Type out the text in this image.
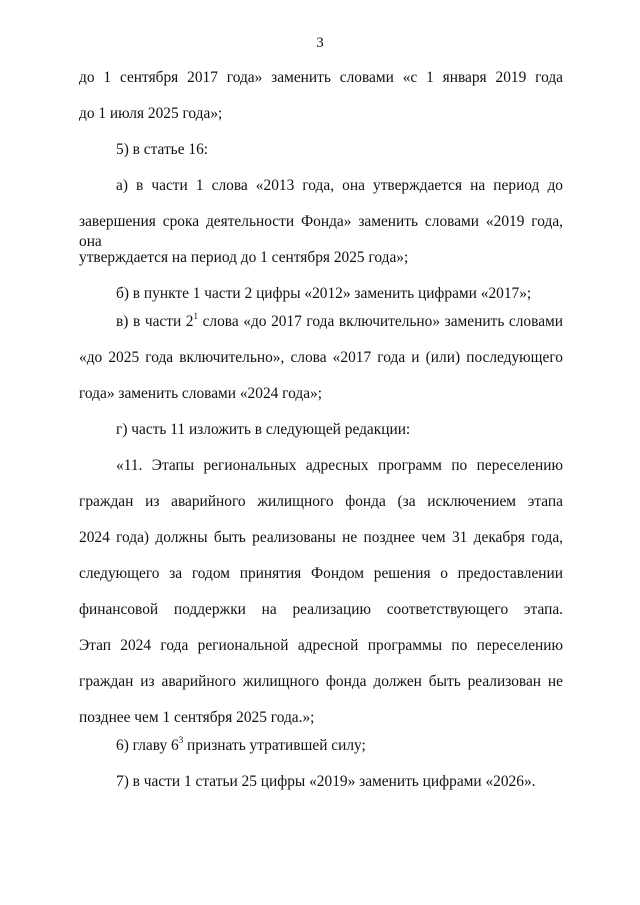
3
до 1 сентября 2017 года» заменить словами «с 1 января 2019 года
до 1 июля 2025 года»;
5) в статье 16:
а) в части 1 слова «2013 года, она утверждается на период до
завершения срока деятельности Фонда» заменить словами «2019 года, она
утверждается на период до 1 сентября 2025 года»;
б) в пункте 1 части 2 цифры «2012» заменить цифрами «2017»;
в) в части $2^1$ слова «до 2017 года включительно» заменить словами
«до 2025 года включительно», слова «2017 года и (или) последующего
года» заменить словами «2024 года»;
г) часть 11 изложить в следующей редакции:
«11. Этапы региональных адресных программ по переселению
граждан из аварийного жилищного фонда (за исключением этапа
2024 года) должны быть реализованы не позднее чем 31 декабря года,
следующего за годом принятия Фондом решения о предоставлении
финансовой поддержки на реализацию соответствующего этапа.
Этап 2024 года региональной адресной программы по переселению
граждан из аварийного жилищного фонда должен быть реализован не
позднее чем 1 сентября 2025 года.»;
6) главу $6^3$ признать утратившей силу;
7) в части 1 статьи 25 цифры «2019» заменить цифрами «2026».
